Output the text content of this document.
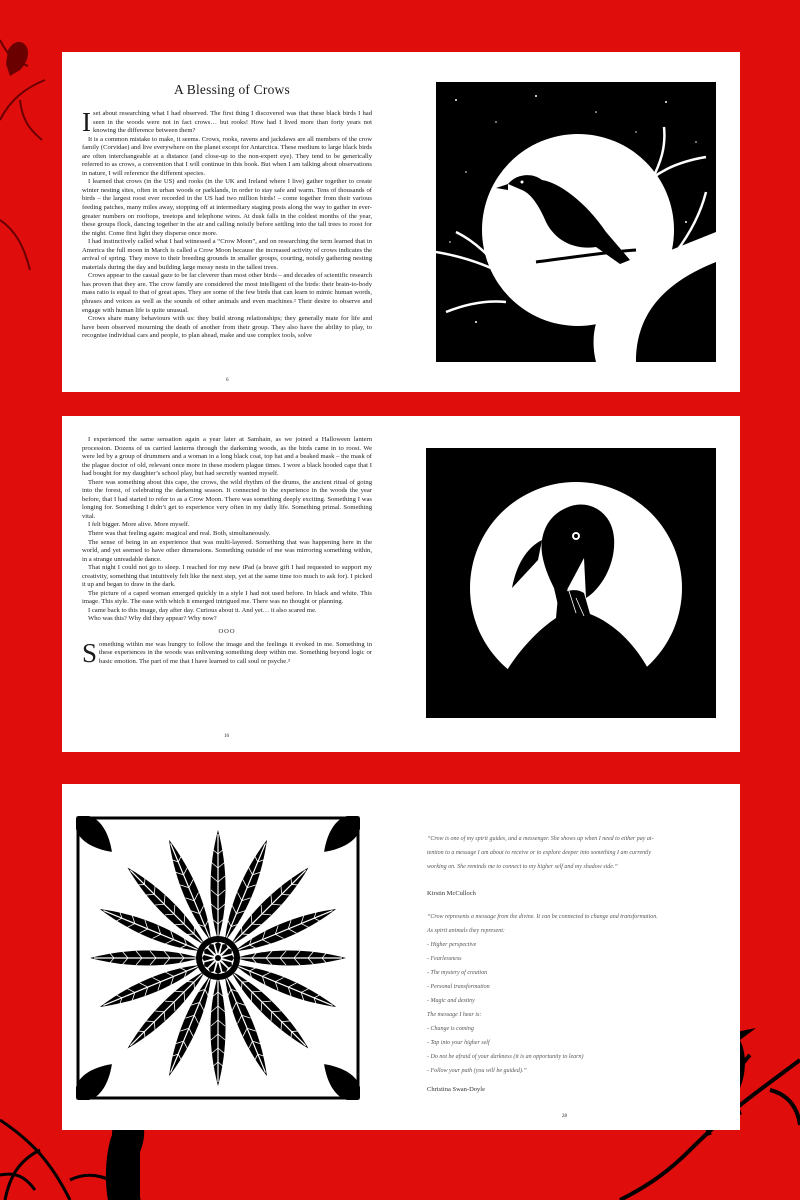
A Blessing of Crows

Iset about researching what I had observed. The first thing I discovered was that these black birds I had seen in the woods were not in fact crows… but rooks! How had I lived more than forty years not knowing the difference between them?

It is a common mistake to make, it seems. Crows, rooks, ravens and jackdaws are all members of the crow family (Corvidae) and live everywhere on the planet except for Antarctica. These medium to large black birds are often interchangeable at a distance (and close-up to the non-expert eye). They tend to be generically referred to as crows, a convention that I will continue in this book. But when I am talking about observations in nature, I will reference the different species.

I learned that crows (in the US) and rooks (in the UK and Ireland where I live) gather together to create winter nesting sites, often in urban woods or parklands, in order to stay safe and warm. Tens of thousands of birds – the largest roost ever recorded in the US had two million birds! – come together from their various feeding patches, many miles away, stopping off at intermediary staging posts along the way to gather in ever-greater numbers on rooftops, treetops and telephone wires. At dusk falls in the coldest months of the year, these groups flock, dancing together in the air and calling noisily before settling into the tall trees to roost for the night. Come first light they disperse once more.

I had instinctively called what I had witnessed a “Crow Moon”, and on researching the term learned that in America the full moon in March is called a Crow Moon because the increased activity of crows indicates the arrival of spring. They move to their breeding grounds in smaller groups, courting, noisily gathering nesting materials during the day and building large messy nests in the tallest trees.

Crows appear to the casual gaze to be far cleverer than most other birds – and decades of scientific research has proven that they are. The crow family are considered the most intelligent of the birds: their brain-to-body mass ratio is equal to that of great apes. They are some of the few birds that can learn to mimic human words, phrases and voices as well as the sounds of other animals and even machines.² Their desire to observe and engage with human life is quite unusual.

Crows share many behaviours with us: they build strong relationships; they generally mate for life and have been observed mourning the death of another from their group. They also have the ability to play, to recognise individual cars and people, to plan ahead, make and use complex tools, solve

6

I experienced the same sensation again a year later at Samhain, as we joined a Halloween lantern procession. Dozens of us carried lanterns through the darkening woods, as the birds came in to roost. We were led by a group of drummers and a woman in a long black coat, top hat and a beaked mask – the mask of the plague doctor of old, relevant once more in these modern plague times. I wore a black hooded cape that I had bought for my daughter’s school play, but had secretly wanted myself.

There was something about this cape, the crows, the wild rhythm of the drums, the ancient ritual of going into the forest, of celebrating the darkening season. It connected to the experience in the woods the year before, that I had started to refer to as a Crow Moon. There was something deeply exciting. Something I was longing for. Something I didn’t get to experience very often in my daily life. Something primal. Something vital.

I felt bigger. More alive. More myself.

There was that feeling again: magical and real. Both, simultaneously.

The sense of being in an experience that was multi-layered. Something that was happening here in the world, and yet seemed to have other dimensions. Something outside of me was mirroring something within, in a strange unreadable dance.

That night I could not go to sleep. I reached for my new iPad (a brave gift I had requested to support my creativity, something that intuitively felt like the next step, yet at the same time too much to ask for). I picked it up and began to draw in the dark.

The picture of a caped woman emerged quickly in a style I had not used before. In black and white. This image. This style. The ease with which it emerged intrigued me. There was no thought or planning.

I came back to this image, day after day. Curious about it. And yet… it also scared me.

Who was this? Why did they appear? Why now?

OOO

Something within me was hungry to follow the image and the feelings it evoked in me. Something in these experiences in the woods was enlivening something deep within me. Something beyond logic or basic emotion. The part of me that I have learned to call soul or psyche.³

16
“Crow is one of my spirit guides, and a messenger. She shows up when I need to either pay at-
tention to a message I am about to receive or to explore deeper into something I am currently
working on. She reminds me to connect to my higher self and my shadow side.”
Kirstin McCulloch
“Crow represents a message from the divine. It can be connected to change and transformation.
As spirit animals they represent:
- Higher perspective
- Fearlessness
- The mystery of creation
- Personal transformation
- Magic and destiny
The message I hear is:
- Change is coming
- Tap into your higher self
- Do not be afraid of your darkness (it is an opportunity to learn)
- Follow your path (you will be guided).”
Christina Swan-Doyle
28
